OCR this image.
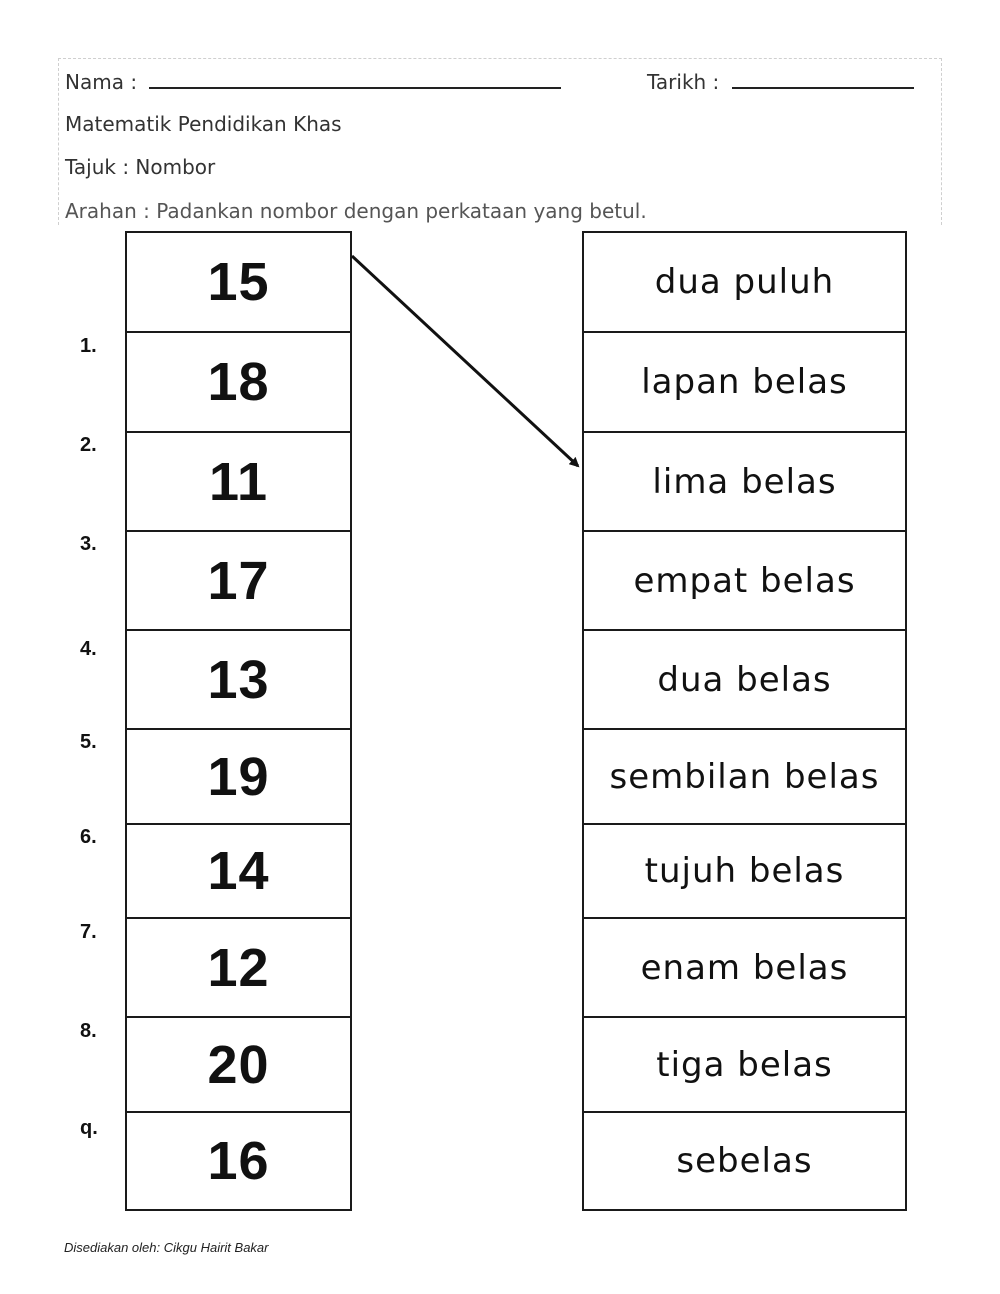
Nama :	Tarikh :
Matematik Pendidikan Khas
Tajuk : Nombor
Arahan : Padankan nombor dengan perkataan yang betul.
1.
2.
3.
4.
5.
6.
7.
8.
q.
15
18
11
17
13
19
14
12
20
16
dua puluh
lapan belas
lima belas
empat belas
dua belas
sembilan belas
tujuh belas
enam belas
tiga belas
sebelas
Disediakan oleh: Cikgu Hairit Bakar
